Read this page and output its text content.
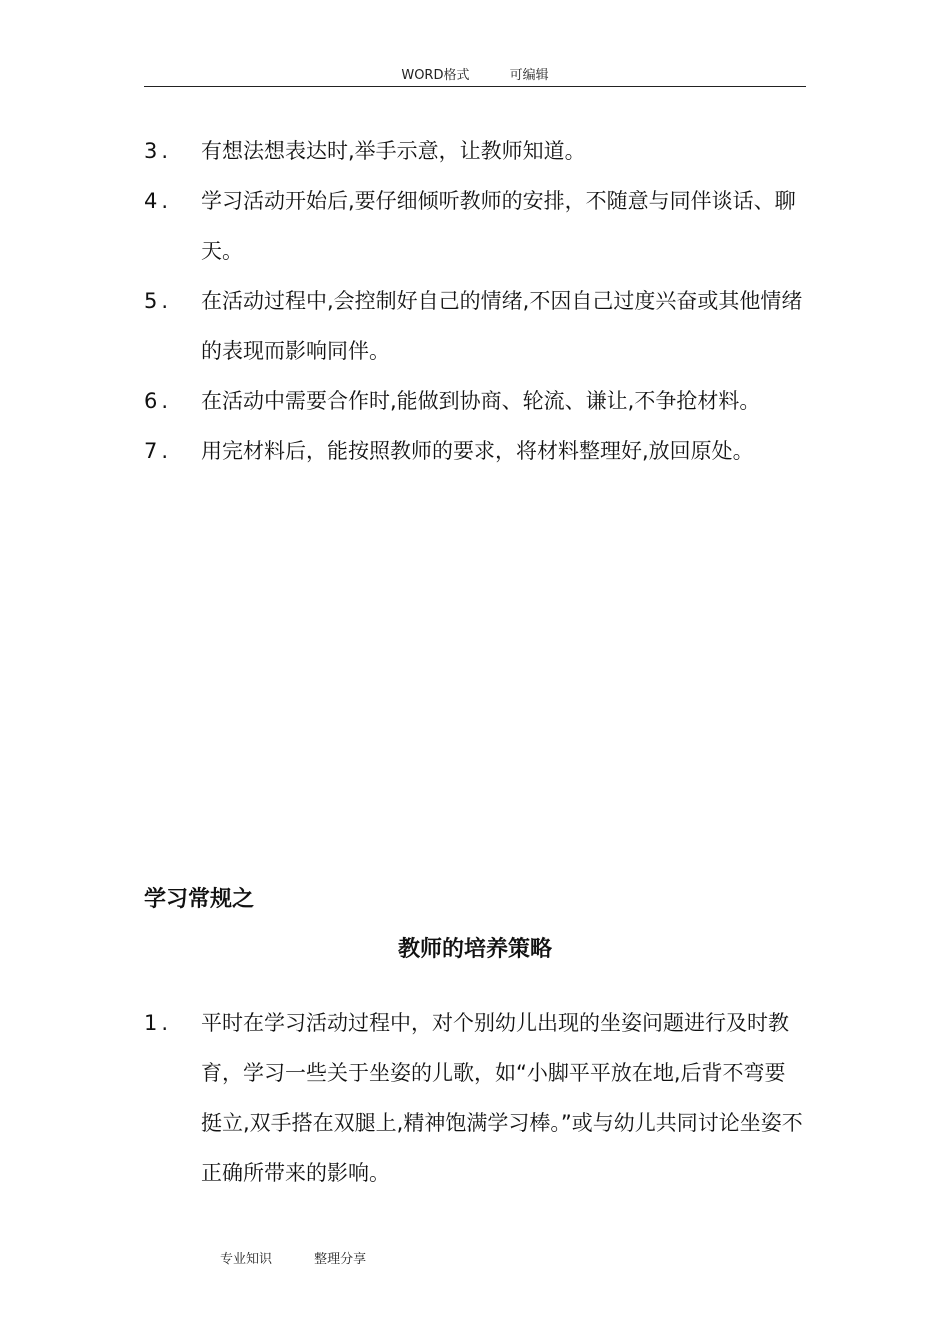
WORD格式	可编辑
3. 有想法想表达时,举手示意，让教师知道。
4. 学习活动开始后,要仔细倾听教师的安排，不随意与同伴谈话、聊天。
5. 在活动过程中,会控制好自己的情绪,不因自己过度兴奋或其他情绪的表现而影响同伴。
6. 在活动中需要合作时,能做到协商、轮流、谦让,不争抢材料。
7. 用完材料后，能按照教师的要求，将材料整理好,放回原处。
学习常规之
教师的培养策略
1. 平时在学习活动过程中，对个别幼儿出现的坐姿问题进行及时教育，学习一些关于坐姿的儿歌，如“小脚平平放在地,后背不弯要挺立,双手搭在双腿上,精神饱满学习棒。”或与幼儿共同讨论坐姿不正确所带来的影响。
专业知识	整理分享
